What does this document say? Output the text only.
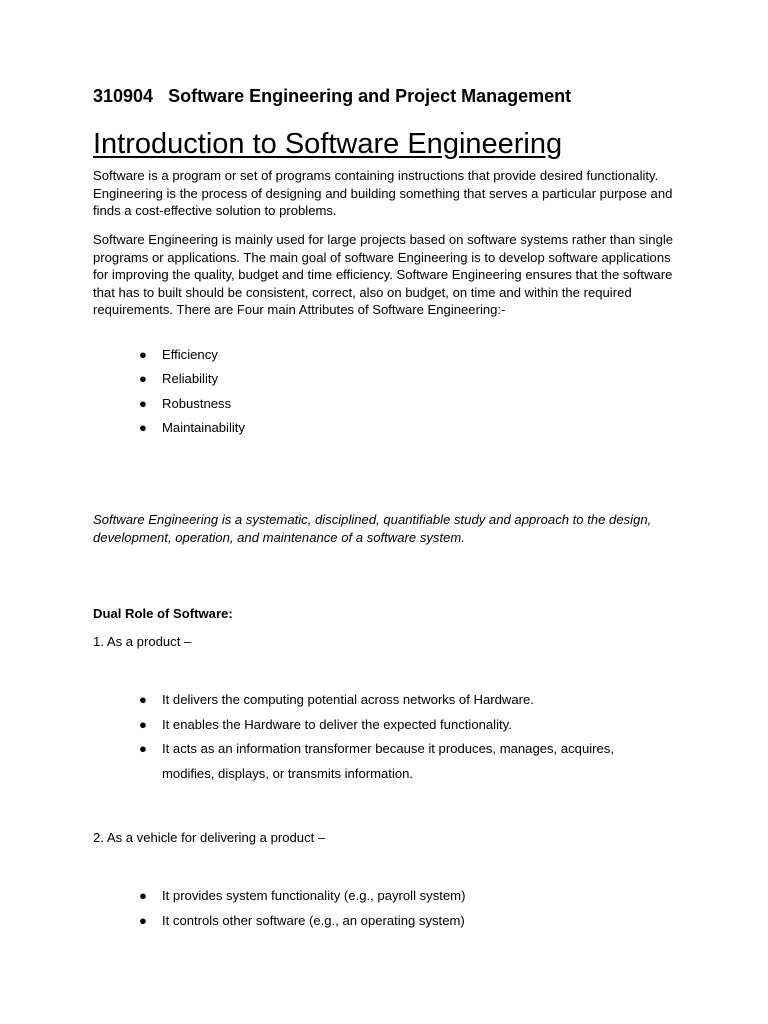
310904   Software Engineering and Project Management
Introduction to Software Engineering

Software is a program or set of programs containing instructions that provide desired functionality. Engineering is the process of designing and building something that serves a particular purpose and finds a cost-effective solution to problems.

Software Engineering is mainly used for large projects based on software systems rather than single programs or applications. The main goal of software Engineering is to develop software applications for improving the quality, budget and time efficiency. Software Engineering ensures that the software that has to built should be consistent, correct, also on budget, on time and within the required requirements. There are Four main Attributes of Software Engineering:-

● Efficiency
● Reliability
● Robustness
● Maintainability

Software Engineering is a systematic, disciplined, quantifiable study and approach to the design, development, operation, and maintenance of a software system.

Dual Role of Software:

1. As a product –

● It delivers the computing potential across networks of Hardware.
● It enables the Hardware to deliver the expected functionality.
● It acts as an information transformer because it produces, manages, acquires, modifies, displays, or transmits information.

2. As a vehicle for delivering a product –

● It provides system functionality (e.g., payroll system)
● It controls other software (e.g., an operating system)
